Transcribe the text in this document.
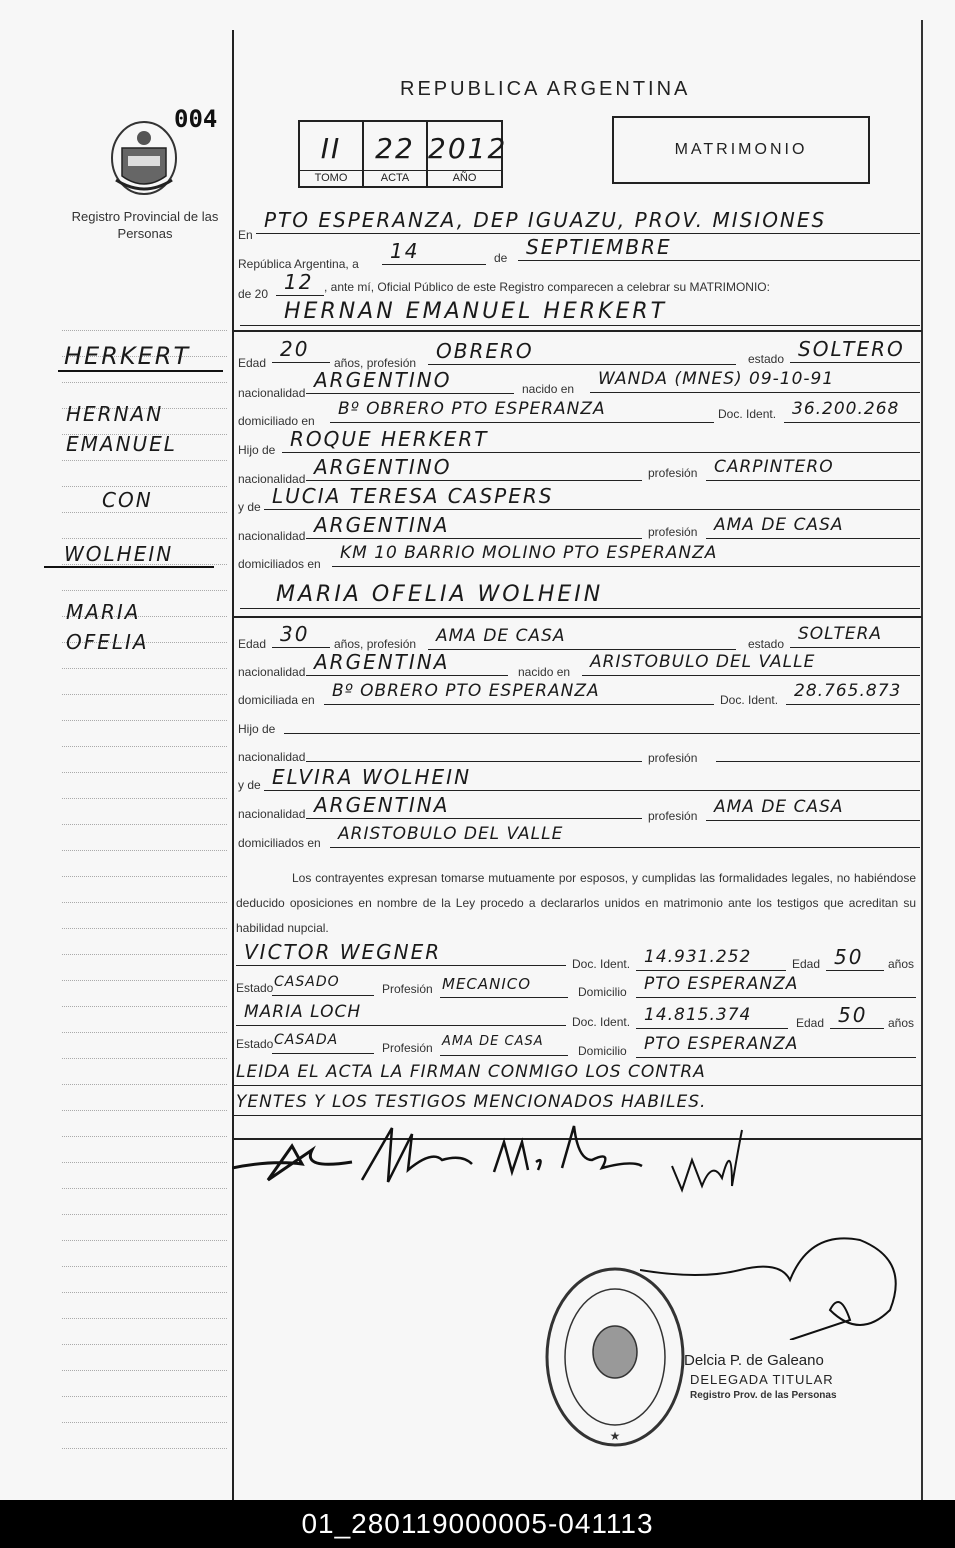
004
Registro Provincial de las Personas
HERKERT
HERNAN
EMANUEL
CON
WOLHEIN
MARIA
OFELIA
REPUBLICA ARGENTINA
II
TOMO
22
ACTA
2012
AÑO
MATRIMONIO
En
PTO ESPERANZA, DEP IGUAZU, PROV. MISIONES
República Argentina, a
14	de SEPTIEMBRE
de 20 12 , ante mí, Oficial Público de este Registro comparecen a celebrar su MATRIMONIO:
HERNAN EMANUEL HERKERT
Edad
20
años, profesión OBRERO	estado SOLTERO
nacionalidad
ARGENTINO	nacido en	WANDA (MNES) 09-10-91
domiciliado en
Bº OBRERO PTO ESPERANZA	Doc. Ident. 36.200.268
Hijo de ROQUE HERKERT
nacionalidad ARGENTINO	profesión CARPINTERO
y de LUCIA TERESA CASPERS
nacionalidad ARGENTINA	profesión AMA DE CASA
domiciliados en
KM 10 BARRIO MOLINO PTO ESPERANZA
MARIA OFELIA WOLHEIN
Edad 30	años, profesión	AMA DE CASA	estado SOLTERA
nacionalidad ARGENTINA	nacido en	ARISTOBULO DEL VALLE
domiciliada en	Bº OBRERO PTO ESPERANZA	Doc. Ident. 28.765.873
Hijo de
nacionalidad	profesión
y de ELVIRA WOLHEIN
nacionalidad ARGENTINA	profesión AMA DE CASA
domiciliados en	ARISTOBULO DEL VALLE
Los contrayentes expresan tomarse mutuamente por esposos, y cumplidas las formalidades legales, no habiéndose deducido oposiciones en nombre de la Ley procedo a declararlos unidos en matrimonio ante los testigos que acreditan su habilidad nupcial.
VICTOR WEGNER	Doc. Ident. 14.931.252	Edad 50	años
Estado CASADO	Profesión MECANICO	Domicilio	PTO ESPERANZA
MARIA LOCH	Doc. Ident. 14.815.374	Edad 50	años
Estado CASADA	Profesión AMA DE CASA
Domicilio	PTO ESPERANZA
LEIDA EL ACTA LA FIRMAN CONMIGO LOS CONTRA
YENTES Y LOS TESTIGOS MENCIONADOS HABILES.
★
Delcia P. de Galeano
DELEGADA TITULAR
Registro Prov. de las Personas
01_280119000005-041113
